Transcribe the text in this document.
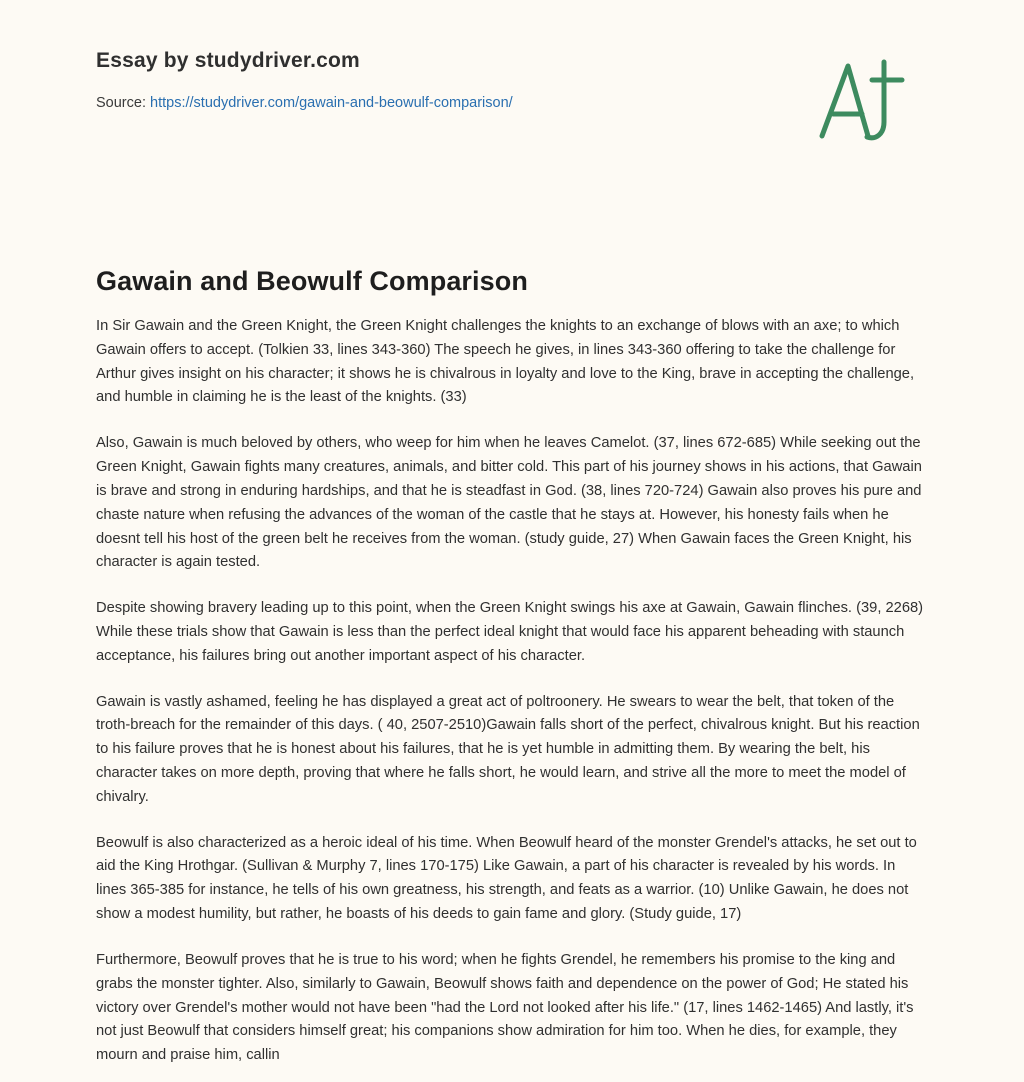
Essay by studydriver.com
Source: https://studydriver.com/gawain-and-beowulf-comparison/
Gawain and Beowulf Comparison

In Sir Gawain and the Green Knight, the Green Knight challenges the knights to an exchange of blows with an axe; to which Gawain offers to accept. (Tolkien 33, lines 343-360) The speech he gives, in lines 343-360 offering to take the challenge for Arthur gives insight on his character; it shows he is chivalrous in loyalty and love to the King, brave in accepting the challenge, and humble in claiming he is the least of the knights. (33)

Also, Gawain is much beloved by others, who weep for him when he leaves Camelot. (37, lines 672-685) While seeking out the Green Knight, Gawain fights many creatures, animals, and bitter cold. This part of his journey shows in his actions, that Gawain is brave and strong in enduring hardships, and that he is steadfast in God. (38, lines 720-724) Gawain also proves his pure and chaste nature when refusing the advances of the woman of the castle that he stays at. However, his honesty fails when he doesnt tell his host of the green belt he receives from the woman. (study guide, 27) When Gawain faces the Green Knight, his character is again tested.

Despite showing bravery leading up to this point, when the Green Knight swings his axe at Gawain, Gawain flinches. (39, 2268) While these trials show that Gawain is less than the perfect ideal knight that would face his apparent beheading with staunch acceptance, his failures bring out another important aspect of his character.

Gawain is vastly ashamed, feeling he has displayed a great act of poltroonery. He swears to wear the belt, that token of the troth-breach for the remainder of this days. ( 40, 2507-2510)Gawain falls short of the perfect, chivalrous knight. But his reaction to his failure proves that he is honest about his failures, that he is yet humble in admitting them. By wearing the belt, his character takes on more depth, proving that where he falls short, he would learn, and strive all the more to meet the model of chivalry.

Beowulf is also characterized as a heroic ideal of his time. When Beowulf heard of the monster Grendel's attacks, he set out to aid the King Hrothgar. (Sullivan & Murphy 7, lines 170-175) Like Gawain, a part of his character is revealed by his words. In lines 365-385 for instance, he tells of his own greatness, his strength, and feats as a warrior. (10) Unlike Gawain, he does not show a modest humility, but rather, he boasts of his deeds to gain fame and glory. (Study guide, 17)

Furthermore, Beowulf proves that he is true to his word; when he fights Grendel, he remembers his promise to the king and grabs the monster tighter. Also, similarly to Gawain, Beowulf shows faith and dependence on the power of God; He stated his victory over Grendel's mother would not have been "had the Lord not looked after his life." (17, lines 1462-1465) And lastly, it's not just Beowulf that considers himself great; his companions show admiration for him too. When he dies, for example, they mourn and praise him, callin
